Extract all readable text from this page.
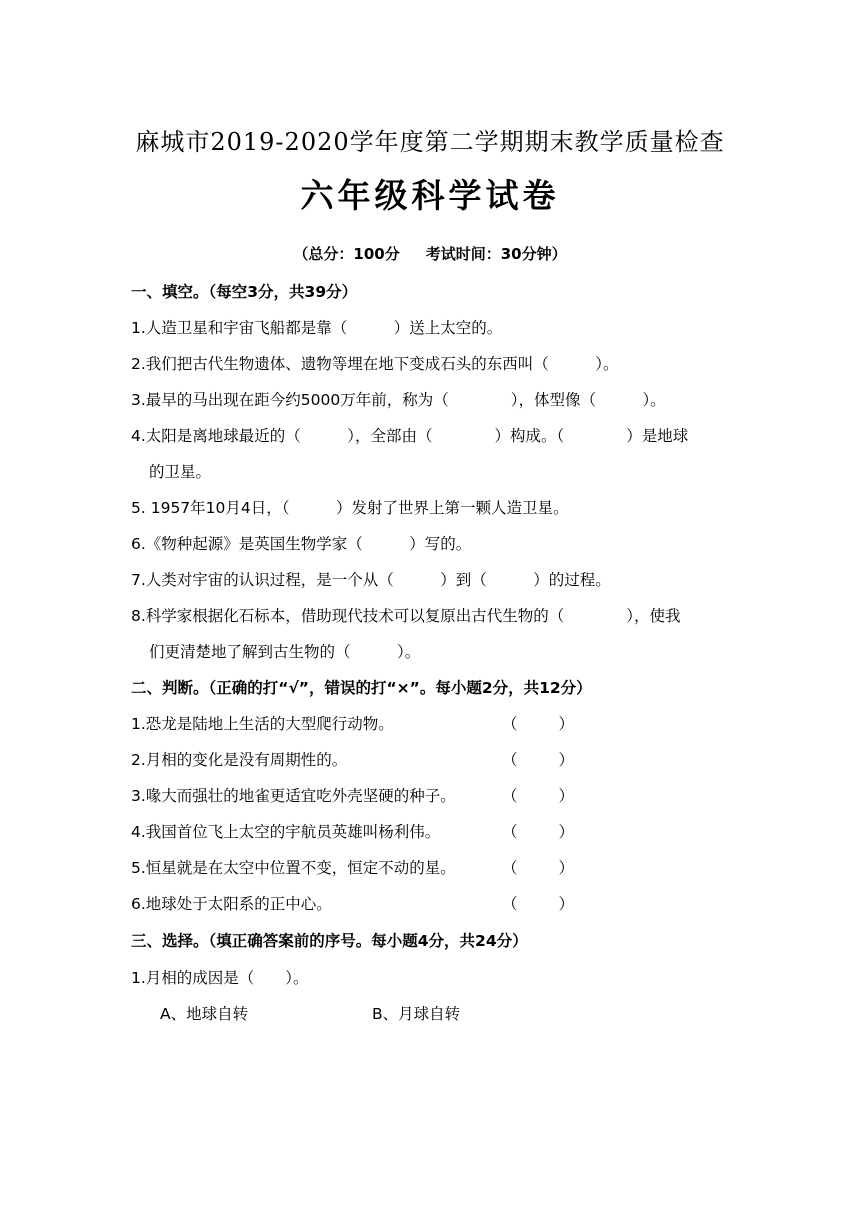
麻城市2019-2020学年度第二学期期末教学质量检查
六年级科学试卷
（总分：100分 考试时间：30分钟）
一、填空。（每空3分，共39分）
1.人造卫星和宇宙飞船都是靠（　　　）送上太空的。
2.我们把古代生物遗体、遗物等埋在地下变成石头的东西叫（　　　）。
3.最早的马出现在距今约5000万年前，称为（　　　　），体型像（　　　）。
4.太阳是离地球最近的（　　　），全部由（　　　　）构成。（　　　　）是地球
的卫星。
5. 1957年10月4日，（　　　）发射了世界上第一颗人造卫星。
6.《物种起源》是英国生物学家（　　　）写的。
7.人类对宇宙的认识过程，是一个从（　　　）到（　　　）的过程。
8.科学家根据化石标本，借助现代技术可以复原出古代生物的（　　　　），使我
们更清楚地了解到古生物的（　　　）。
二、判断。（正确的打“√”，错误的打“×”。每小题2分，共12分）
1.恐龙是陆地上生活的大型爬行动物。	（	）
2.月相的变化是没有周期性的。	（	）
3.喙大而强壮的地雀更适宜吃外壳坚硬的种子。	（	）
4.我国首位飞上太空的宇航员英雄叫杨利伟。	（	）
5.恒星就是在太空中位置不变，恒定不动的星。	（	）
6.地球处于太阳系的正中心。	（	）
三、选择。（填正确答案前的序号。每小题4分，共24分）
1.月相的成因是（　　）。
A、地球自转	B、月球自转
